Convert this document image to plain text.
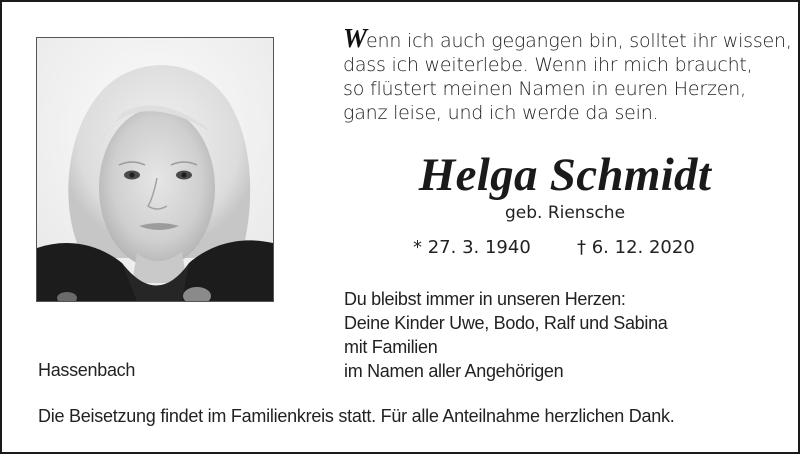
Wenn ich auch gegangen bin, solltet ihr wissen,
dass ich weiterlebe. Wenn ihr mich braucht,
so flüstert meinen Namen in euren Herzen,
ganz leise, und ich werde da sein.
Helga Schmidt
geb. Riensche
* 27. 3. 1940	† 6. 12. 2020
Du bleibst immer in unseren Herzen:
Deine Kinder Uwe, Bodo, Ralf und Sabina
mit Familien
im Namen aller Angehörigen
Hassenbach
Die Beisetzung findet im Familienkreis statt. Für alle Anteilnahme herzlichen Dank.
